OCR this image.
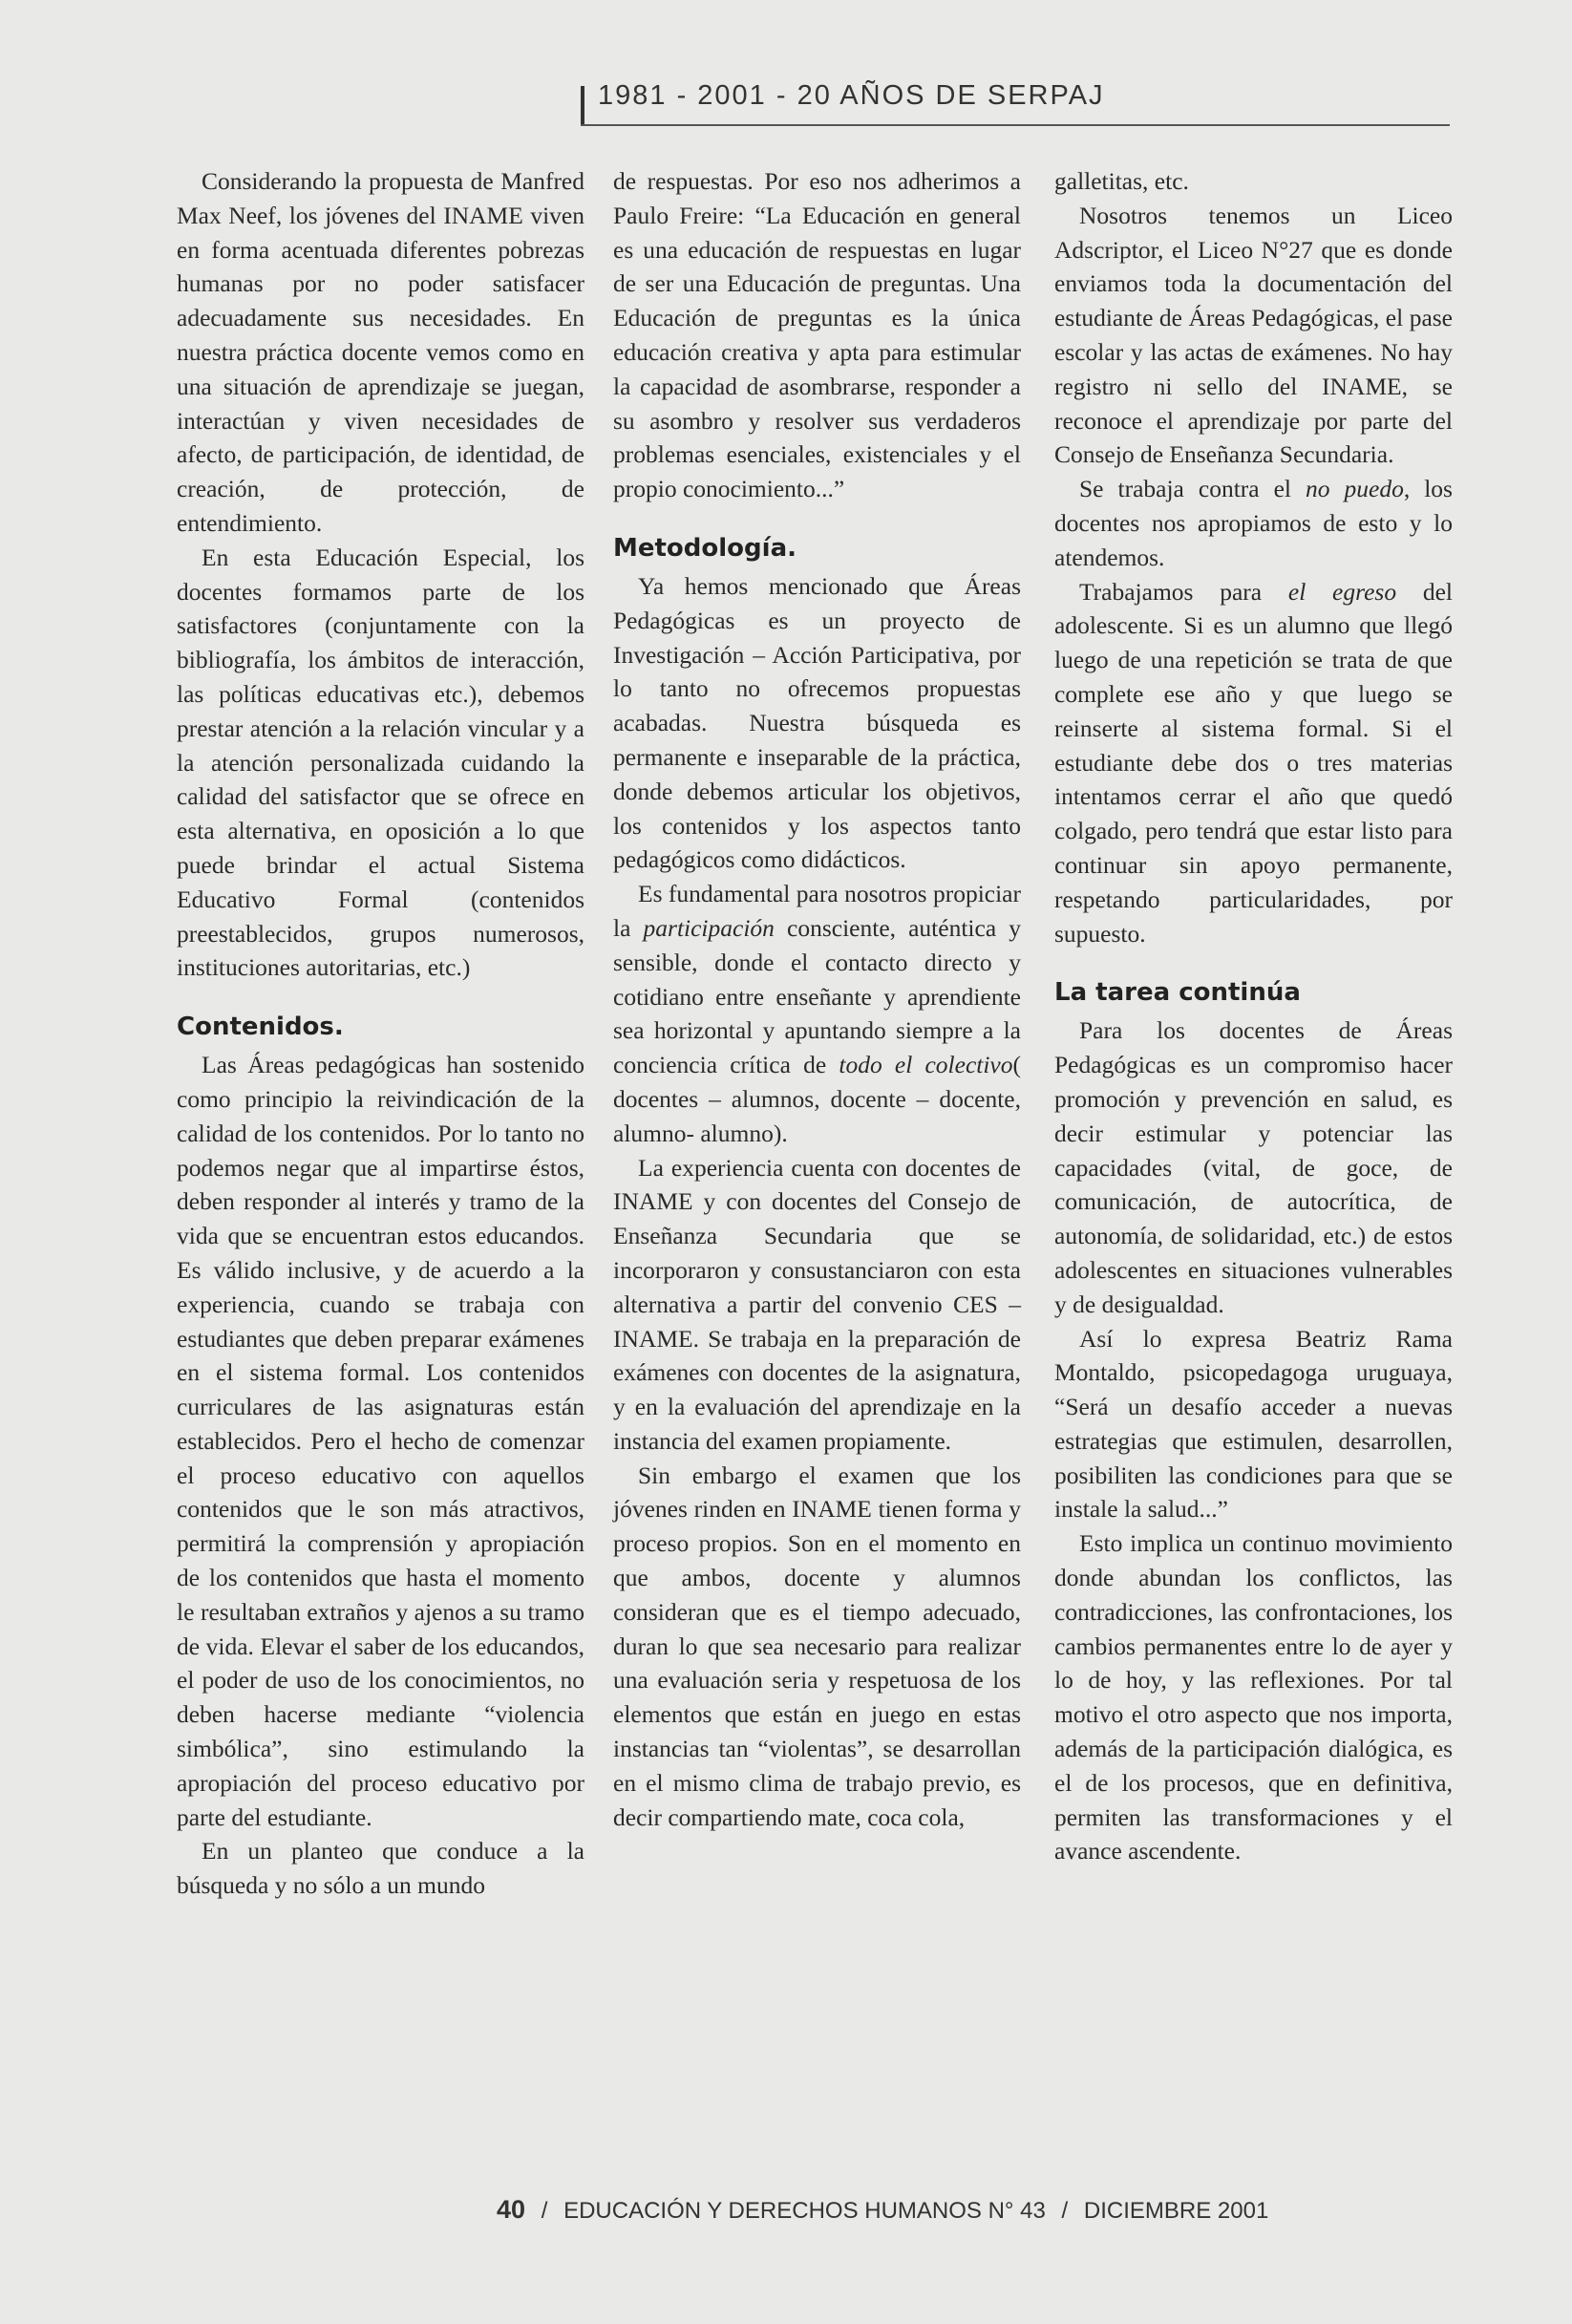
1981 - 2001 - 20 AÑOS DE SERPAJ

Considerando la propuesta de Manfred Max Neef, los jóvenes del INAME viven en forma acentuada diferentes pobrezas humanas por no poder satisfacer adecuadamente sus necesidades. En nuestra práctica docente vemos como en una situación de aprendizaje se juegan, interactúan y viven necesidades de afecto, de participación, de identidad, de creación, de protección, de entendimiento.

En esta Educación Especial, los docentes formamos parte de los satisfactores (conjuntamente con la bibliografía, los ámbitos de interacción, las políticas educativas etc.), debemos prestar atención a la relación vincular y a la atención personalizada cuidando la calidad del satisfactor que se ofrece en esta alternativa, en oposición a lo que puede brindar el actual Sistema Educativo Formal (contenidos preestablecidos, grupos numerosos, instituciones autoritarias, etc.)

Contenidos.

Las Áreas pedagógicas han sostenido como principio la reivindicación de la calidad de los contenidos. Por lo tanto no podemos negar que al impartirse éstos, deben responder al interés y tramo de la vida que se encuentran estos educandos. Es válido inclusive, y de acuerdo a la experiencia, cuando se trabaja con estudiantes que deben preparar exámenes en el sistema formal. Los contenidos curriculares de las asignaturas están establecidos. Pero el hecho de comenzar el proceso educativo con aquellos contenidos que le son más atractivos, permitirá la comprensión y apropiación de los contenidos que hasta el momento le resultaban extraños y ajenos a su tramo de vida. Elevar el saber de los educandos, el poder de uso de los conocimientos, no deben hacerse mediante “violencia simbólica”, sino estimulando la apropiación del proceso educativo por parte del estudiante.

En un planteo que conduce a la búsqueda y no sólo a un mundo

de respuestas. Por eso nos adherimos a Paulo Freire: “La Educación en general es una educación de respuestas en lugar de ser una Educación de preguntas. Una Educación de preguntas es la única educación creativa y apta para estimular la capacidad de asombrarse, responder a su asombro y resolver sus verdaderos problemas esenciales, existenciales y el propio conocimiento...”

Metodología.

Ya hemos mencionado que Áreas Pedagógicas es un proyecto de Investigación – Acción Participativa, por lo tanto no ofrecemos propuestas acabadas. Nuestra búsqueda es permanente e inseparable de la práctica, donde debemos articular los objetivos, los contenidos y los aspectos tanto pedagógicos como didácticos.

Es fundamental para nosotros propiciar la participación consciente, auténtica y sensible, donde el contacto directo y cotidiano entre enseñante y aprendiente sea horizontal y apuntando siempre a la conciencia crítica de todo el colectivo( docentes – alumnos, docente – docente, alumno- alumno).

La experiencia cuenta con docentes de INAME y con docentes del Consejo de Enseñanza Secundaria que se incorporaron y consustanciaron con esta alternativa a partir del convenio CES – INAME. Se trabaja en la preparación de exámenes con docentes de la asignatura, y en la evaluación del aprendizaje en la instancia del examen propiamente.

Sin embargo el examen que los jóvenes rinden en INAME tienen forma y proceso propios. Son en el momento en que ambos, docente y alumnos consideran que es el tiempo adecuado, duran lo que sea necesario para realizar una evaluación seria y respetuosa de los elementos que están en juego en estas instancias tan “violentas”, se desarrollan en el mismo clima de trabajo previo, es decir compartiendo mate, coca cola,

galletitas, etc.

Nosotros tenemos un Liceo Adscriptor, el Liceo N°27 que es donde enviamos toda la documentación del estudiante de Áreas Pedagógicas, el pase escolar y las actas de exámenes. No hay registro ni sello del INAME, se reconoce el aprendizaje por parte del Consejo de Enseñanza Secundaria.

Se trabaja contra el no puedo, los docentes nos apropiamos de esto y lo atendemos.

Trabajamos para el egreso del adolescente. Si es un alumno que llegó luego de una repetición se trata de que complete ese año y que luego se reinserte al sistema formal. Si el estudiante debe dos o tres materias intentamos cerrar el año que quedó colgado, pero tendrá que estar listo para continuar sin apoyo permanente, respetando particularidades, por supuesto.

La tarea continúa

Para los docentes de Áreas Pedagógicas es un compromiso hacer promoción y prevención en salud, es decir estimular y potenciar las capacidades (vital, de goce, de comunicación, de autocrítica, de autonomía, de solidaridad, etc.) de estos adolescentes en situaciones vulnerables y de desigualdad.

Así lo expresa Beatriz Rama Montaldo, psicopedagoga uruguaya, “Será un desafío acceder a nuevas estrategias que estimulen, desarrollen, posibiliten las condiciones para que se instale la salud...”

Esto implica un continuo movimiento donde abundan los conflictos, las contradicciones, las confrontaciones, los cambios permanentes entre lo de ayer y lo de hoy, y las reflexiones. Por tal motivo el otro aspecto que nos importa, además de la participación dialógica, es el de los procesos, que en definitiva, permiten las transformaciones y el avance ascendente.

40 / EDUCACIÓN Y DERECHOS HUMANOS N° 43 / DICIEMBRE 2001
